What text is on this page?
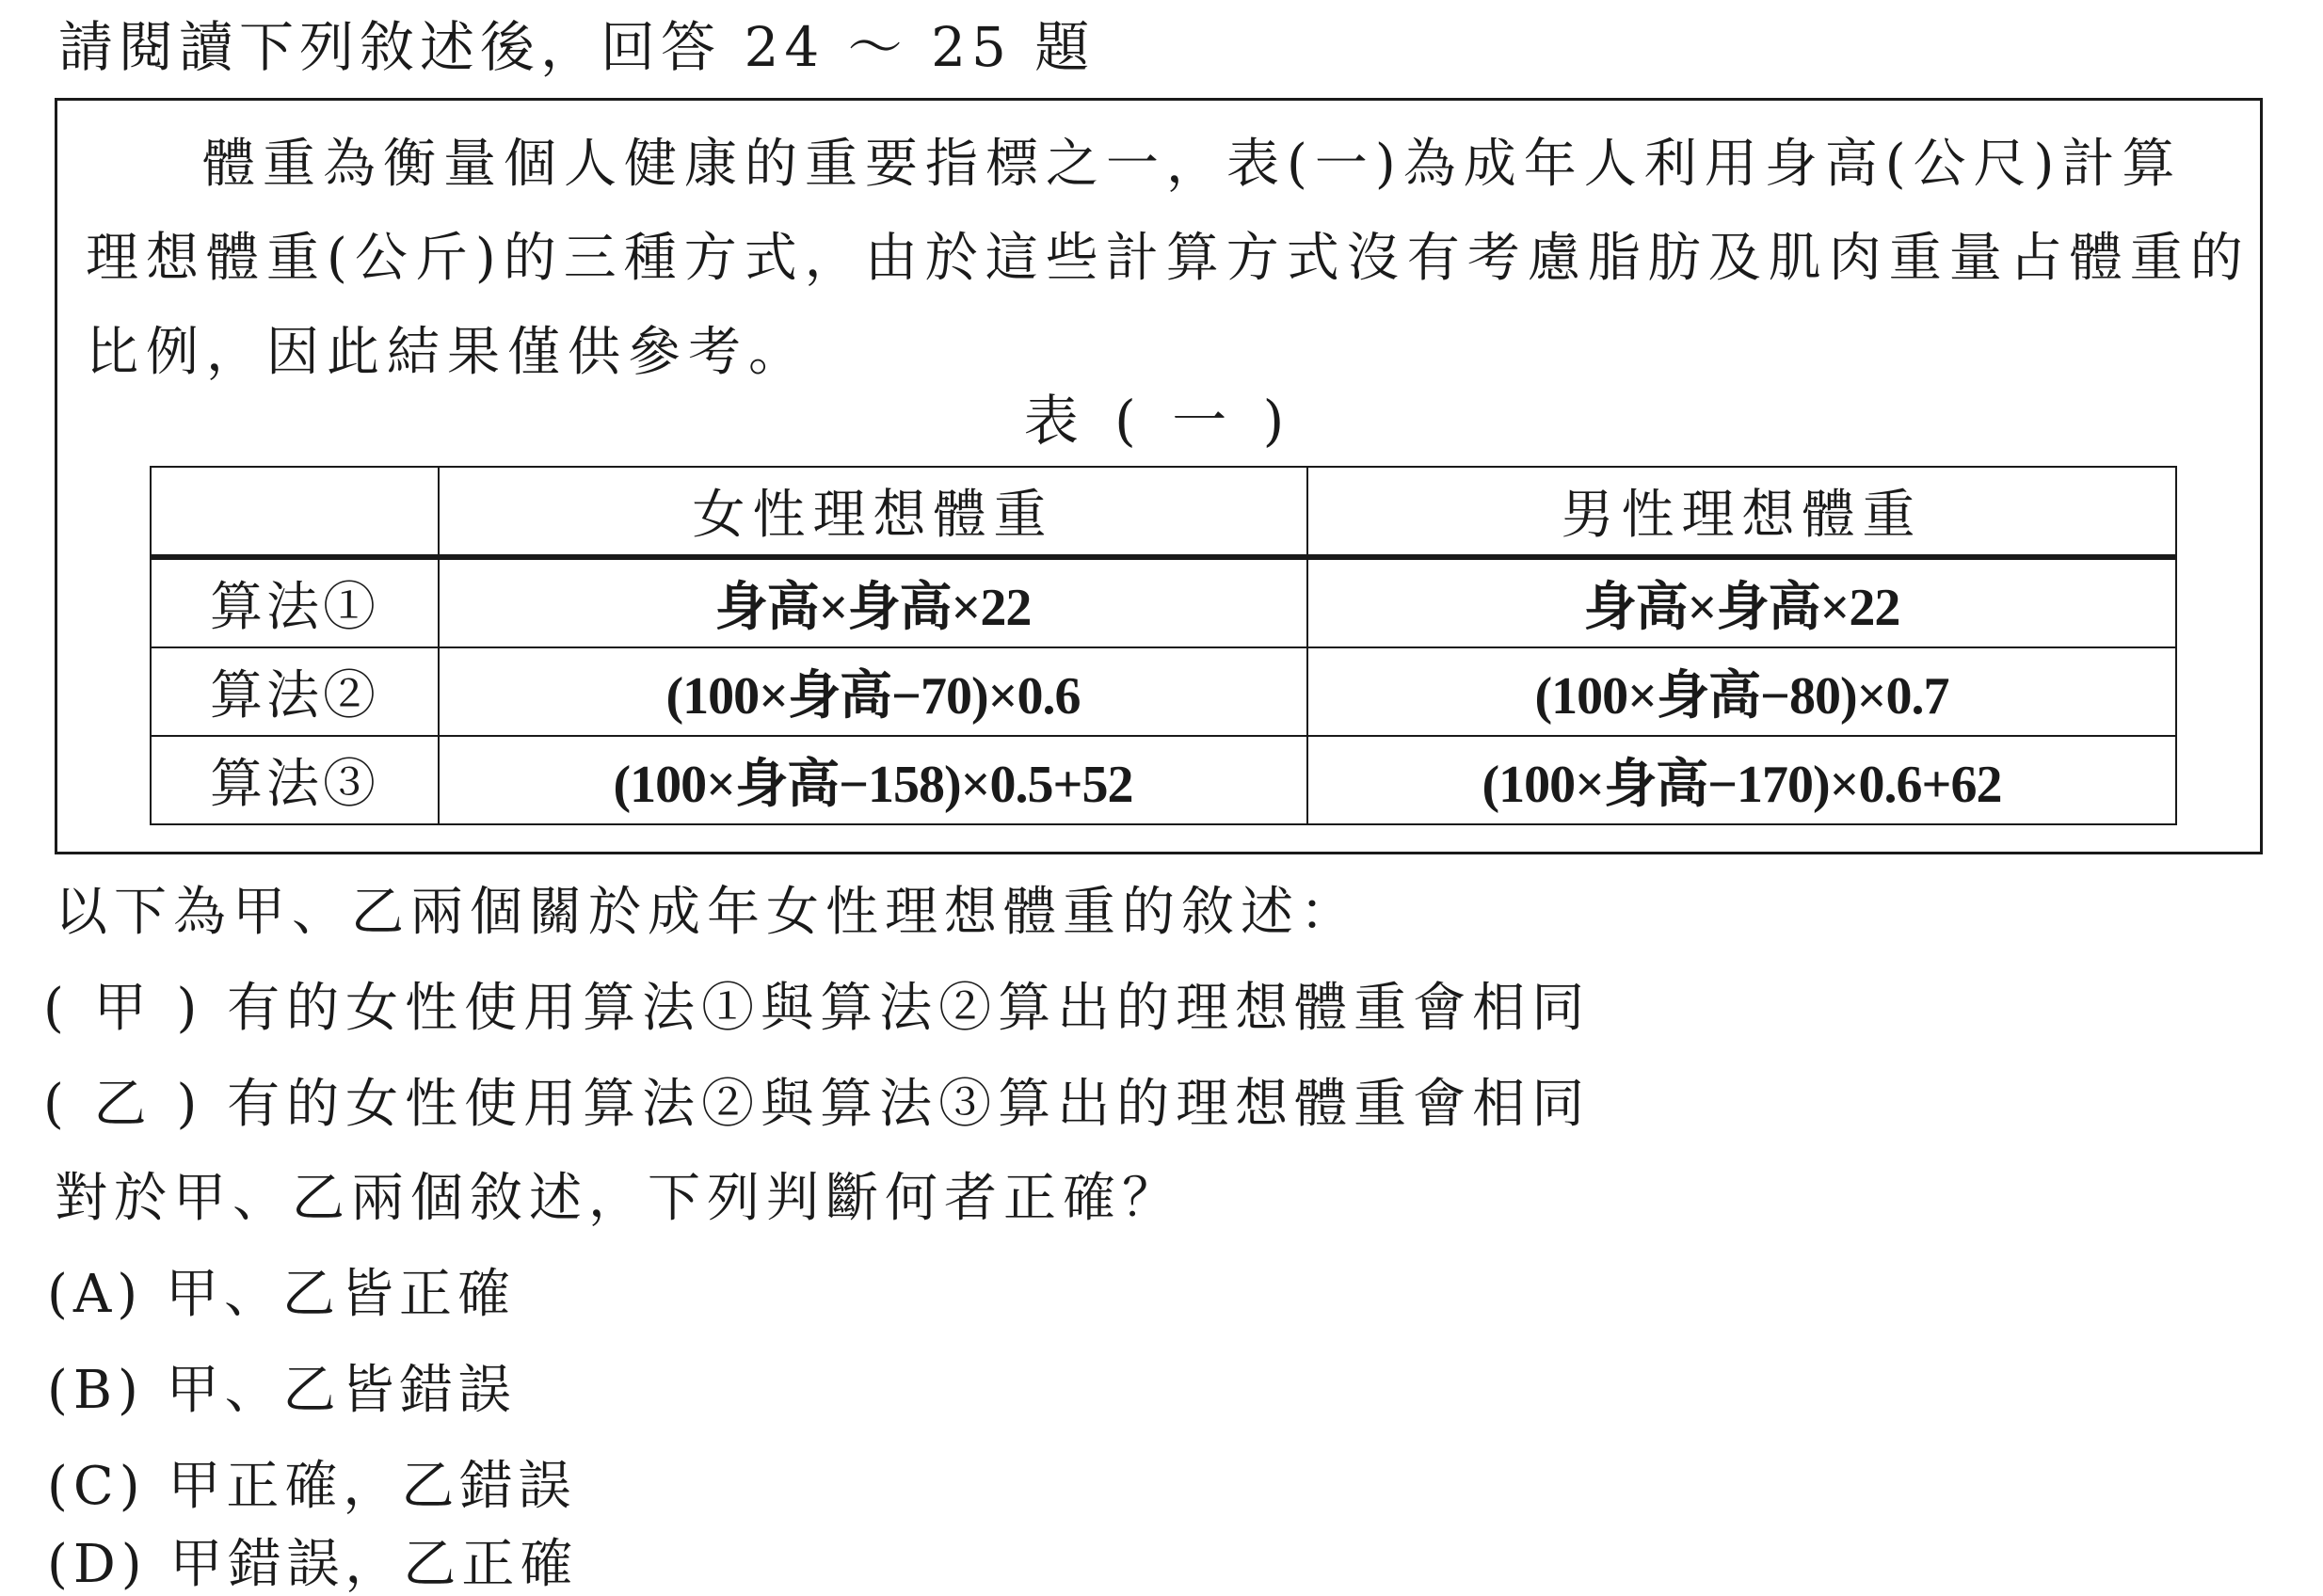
請閱讀下列敘述後，回答 24 ～ 25 題
體重為衡量個人健康的重要指標之一，表(一)為成年人利用身高(公尺)計算
理想體重(公斤)的三種方式，由於這些計算方式沒有考慮脂肪及肌肉重量占體重的
比例，因此結果僅供參考。
表 ( 一 )
	女性理想體重	男性理想體重
算法①	身高×身高×22	身高×身高×22
算法②	(100×身高−70)×0.6	(100×身高−80)×0.7
算法③	(100×身高−158)×0.5+52	(100×身高−170)×0.6+62
以下為甲、乙兩個關於成年女性理想體重的敘述：
( 甲 ) 有的女性使用算法①與算法②算出的理想體重會相同
( 乙 ) 有的女性使用算法②與算法③算出的理想體重會相同
對於甲、乙兩個敘述，下列判斷何者正確？
(A) 甲、乙皆正確
(B) 甲、乙皆錯誤
(C) 甲正確，乙錯誤
(D) 甲錯誤，乙正確
